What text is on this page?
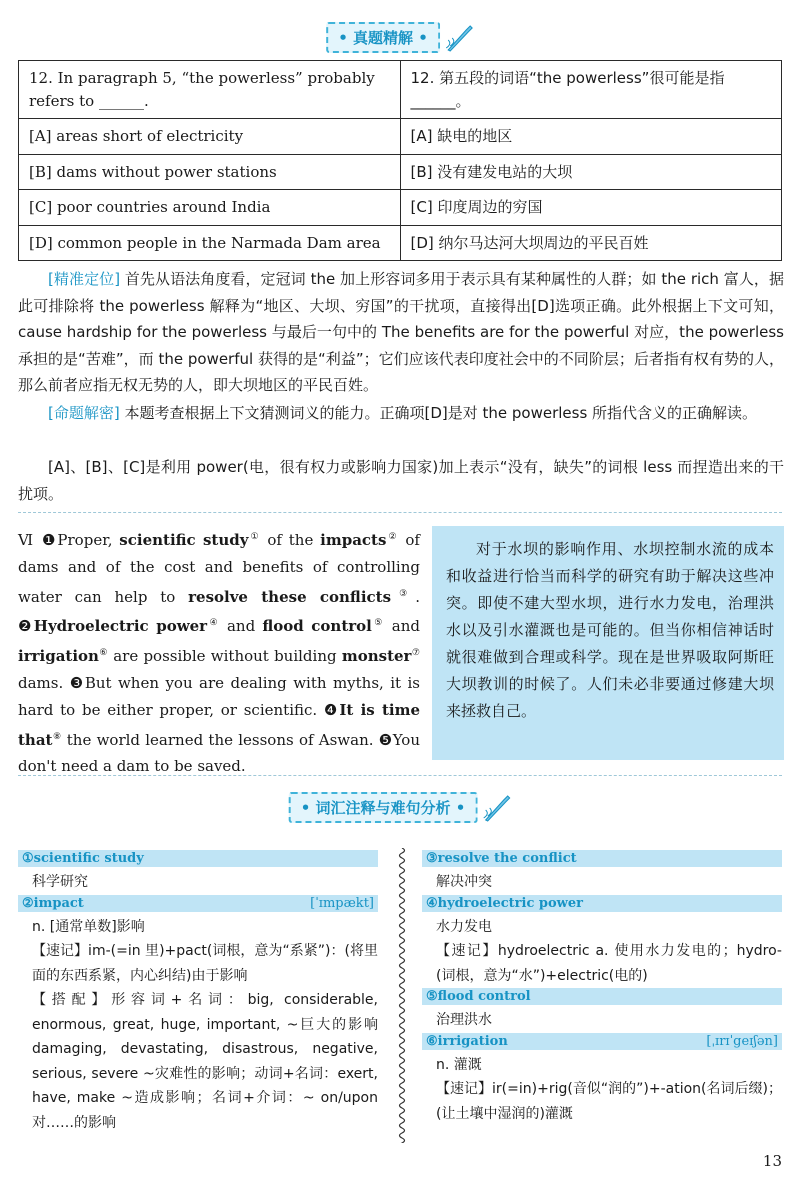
• 真题精解 •
12. In paragraph 5, “the powerless” probably refers to ______.	12. 第五段的词语“the powerless”很可能是指______。
[A] areas short of electricity	[A] 缺电的地区
[B] dams without power stations	[B] 没有建发电站的大坝
[C] poor countries around India	[C] 印度周边的穷国
[D] common people in the Narmada Dam area	[D] 纳尔马达河大坝周边的平民百姓
[精准定位] 首先从语法角度看，定冠词 the 加上形容词多用于表示具有某种属性的人群；如 the rich 富人，据此可排除将 the powerless 解释为“地区、大坝、穷国”的干扰项，直接得出[D]选项正确。此外根据上下文可知，cause hardship for the powerless 与最后一句中的 The benefits are for the powerful 对应，the powerless 承担的是“苦难”，而 the powerful 获得的是“利益”；它们应该代表印度社会中的不同阶层；后者指有权有势的人，那么前者应指无权无势的人，即大坝地区的平民百姓。
[命题解密] 本题考查根据上下文猜测词义的能力。正确项[D]是对 the powerless 所指代含义的正确解读。
[A]、[B]、[C]是利用 power(电，很有权力或影响力国家)加上表示“没有，缺失”的词根 less 而捏造出来的干扰项。
Ⅵ ❶Proper, scientific study① of the impacts② of dams and of the cost and benefits of controlling water can help to resolve these conflicts③. ❷Hydroelectric power④ and flood control⑤ and irrigation⑥ are possible without building monster⑦ dams. ❸But when you are dealing with myths, it is hard to be either proper, or scientific. ❹It is time that⑧ the world learned the lessons of Aswan. ❺You don't need a dam to be saved.
对于水坝的影响作用、水坝控制水流的成本和收益进行恰当而科学的研究有助于解决这些冲突。即使不建大型水坝，进行水力发电，治理洪水以及引水灌溉也是可能的。但当你相信神话时就很难做到合理或科学。现在是世界吸取阿斯旺大坝教训的时候了。人们未必非要通过修建大坝来拯救自己。
• 词汇注释与难句分析 •
①scientific study
科学研究
②impact	[ˈɪmpækt]
n. [通常单数]影响
【速记】im-(=in 里)+pact(词根，意为“系紧”)：(将里面的东西系紧，内心纠结)由于影响
【搭配】形容词+名词：big, considerable, enormous, great, huge, important, ~巨大的影响 damaging, devastating, disastrous, negative, serious, severe ~灾难性的影响；动词+名词：exert, have, make ~造成影响；名词+介词：~ on/upon 对……的影响
③resolve the conflict
解决冲突
④hydroelectric power
水力发电
【速记】hydroelectric a. 使用水力发电的；hydro-(词根，意为“水”)+electric(电的)
⑤flood control
治理洪水
⑥irrigation	[ˌɪrɪˈgeɪʃən]
n. 灌溉
【速记】ir(=in)+rig(音似“润的”)+-ation(名词后缀)；(让土壤中湿润的)灌溉
13
